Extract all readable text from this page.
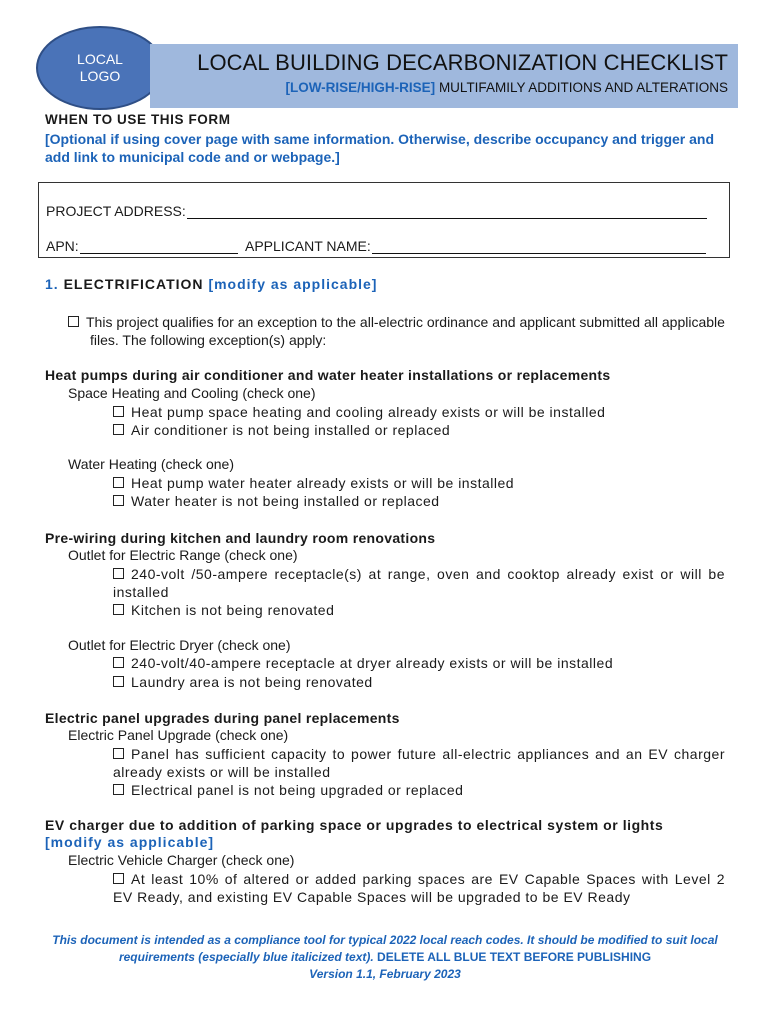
LOCAL
LOGO
LOCAL BUILDING DECARBONIZATION CHECKLIST
[LOW-RISE/HIGH-RISE] MULTIFAMILY ADDITIONS AND ALTERATIONS
WHEN TO USE THIS FORM
[Optional if using cover page with same information. Otherwise, describe occupancy and trigger and add link to municipal code and or webpage.]
PROJECT ADDRESS:
APN:	APPLICANT NAME:
1. ELECTRIFICATION [modify as applicable]
This project qualifies for an exception to the all-electric ordinance and applicant submitted all applicable files. The following exception(s) apply:
Heat pumps during air conditioner and water heater installations or replacements
Space Heating and Cooling (check one)
Heat pump space heating and cooling already exists or will be installed
Air conditioner is not being installed or replaced
Water Heating (check one)
Heat pump water heater already exists or will be installed
Water heater is not being installed or replaced
Pre-wiring during kitchen and laundry room renovations
Outlet for Electric Range (check one)
240-volt /50-ampere receptacle(s) at range, oven and cooktop already exist or will be installed
Kitchen is not being renovated
Outlet for Electric Dryer (check one)
240-volt/40-ampere receptacle at dryer already exists or will be installed
Laundry area is not being renovated
Electric panel upgrades during panel replacements
Electric Panel Upgrade (check one)
Panel has sufficient capacity to power future all-electric appliances and an EV charger already exists or will be installed
Electrical panel is not being upgraded or replaced
EV charger due to addition of parking space or upgrades to electrical system or lights
[modify as applicable]
Electric Vehicle Charger (check one)
At least 10% of altered or added parking spaces are EV Capable Spaces with Level 2 EV Ready, and existing EV Capable Spaces will be upgraded to be EV Ready
This document is intended as a compliance tool for typical 2022 local reach codes. It should be modified to suit local requirements (especially blue italicized text). DELETE ALL BLUE TEXT BEFORE PUBLISHING
Version 1.1, February 2023
